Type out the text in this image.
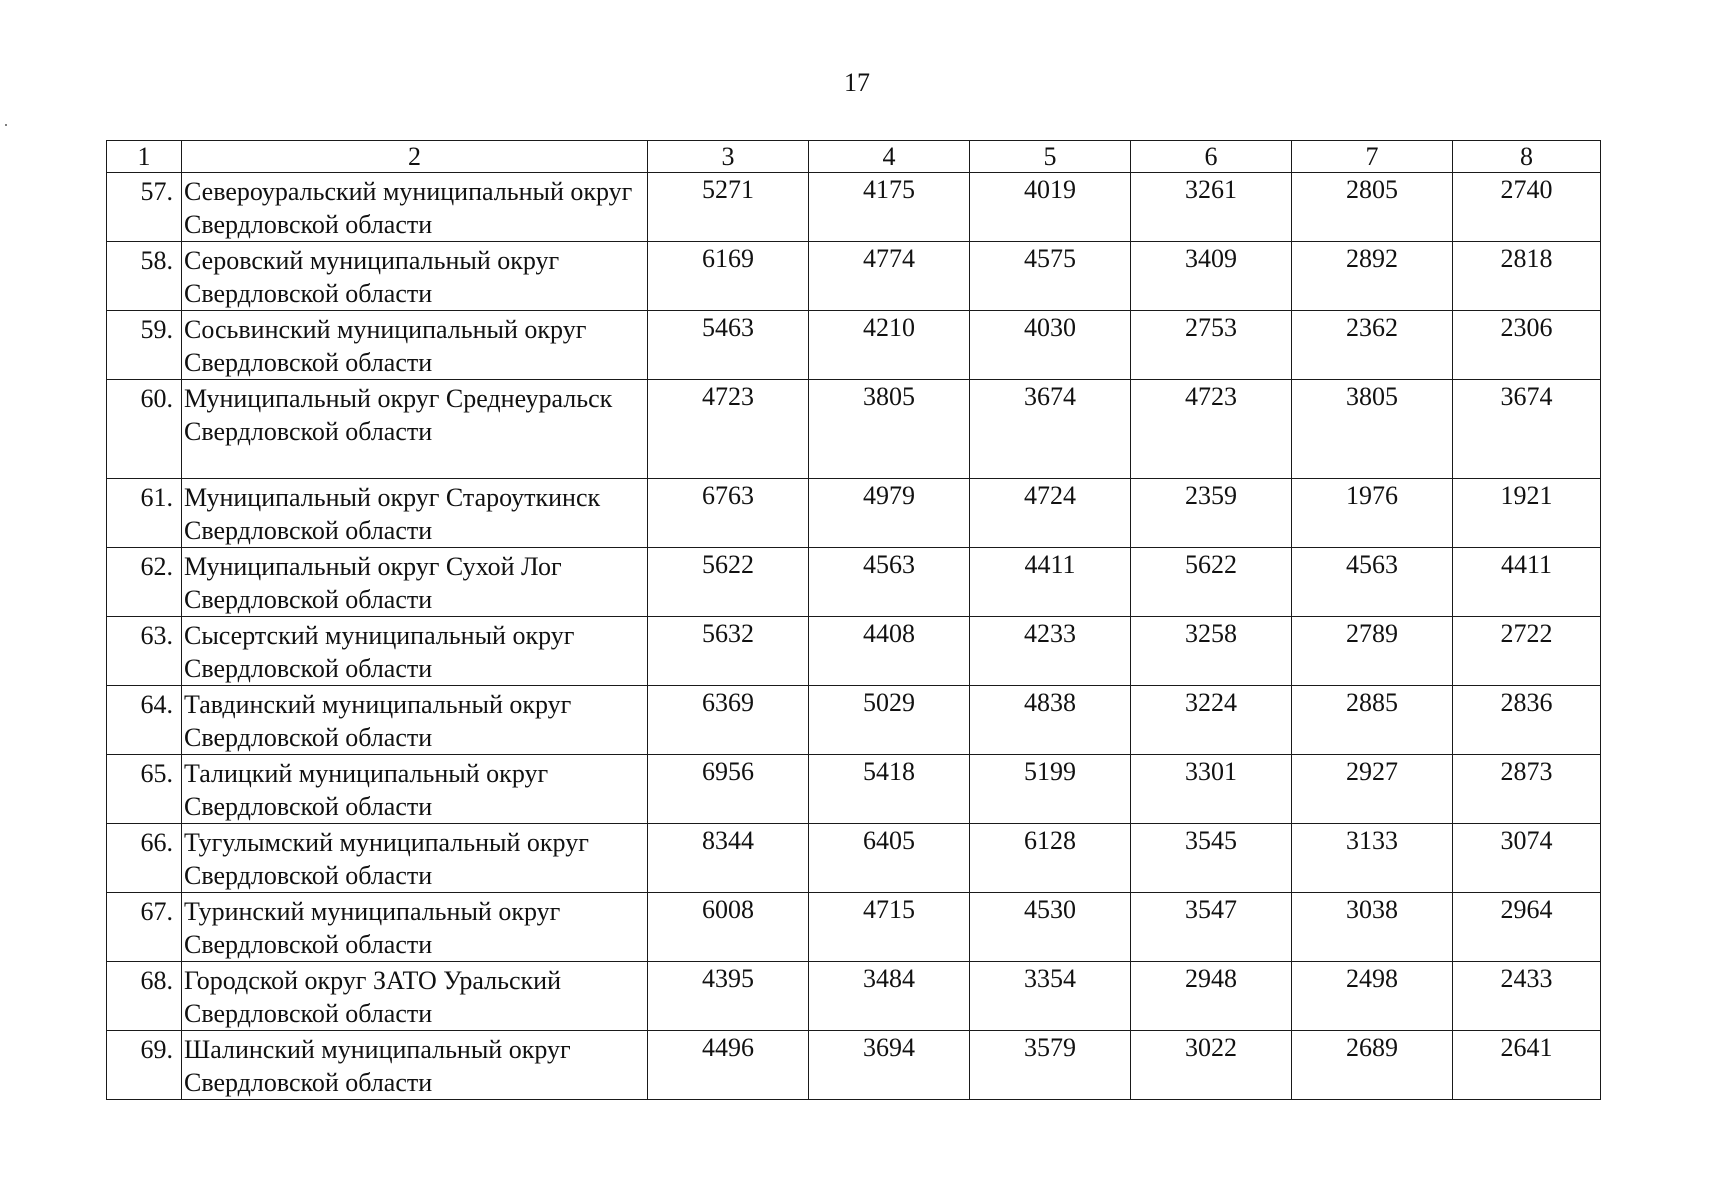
17
1	2	3	4	5	6	7	8
57.	Североуральский муниципальный округ Свердловской области	5271	4175	4019	3261	2805	2740
58.	Серовский муниципальный округ Свердловской области	6169	4774	4575	3409	2892	2818
59.	Сосьвинский муниципальный округ Свердловской области	5463	4210	4030	2753	2362	2306
60.	Муниципальный округ Среднеуральск Свердловской области	4723	3805	3674	4723	3805	3674
61.	Муниципальный округ Староуткинск Свердловской области	6763	4979	4724	2359	1976	1921
62.	Муниципальный округ Сухой Лог Свердловской области	5622	4563	4411	5622	4563	4411
63.	Сысертский муниципальный округ Свердловской области	5632	4408	4233	3258	2789	2722
64.	Тавдинский муниципальный округ Свердловской области	6369	5029	4838	3224	2885	2836
65.	Талицкий муниципальный округ Свердловской области	6956	5418	5199	3301	2927	2873
66.	Тугулымский муниципальный округ Свердловской области	8344	6405	6128	3545	3133	3074
67.	Туринский муниципальный округ Свердловской области	6008	4715	4530	3547	3038	2964
68.	Городской округ ЗАТО Уральский Свердловской области	4395	3484	3354	2948	2498	2433
69.	Шалинский муниципальный округ Свердловской области	4496	3694	3579	3022	2689	2641
